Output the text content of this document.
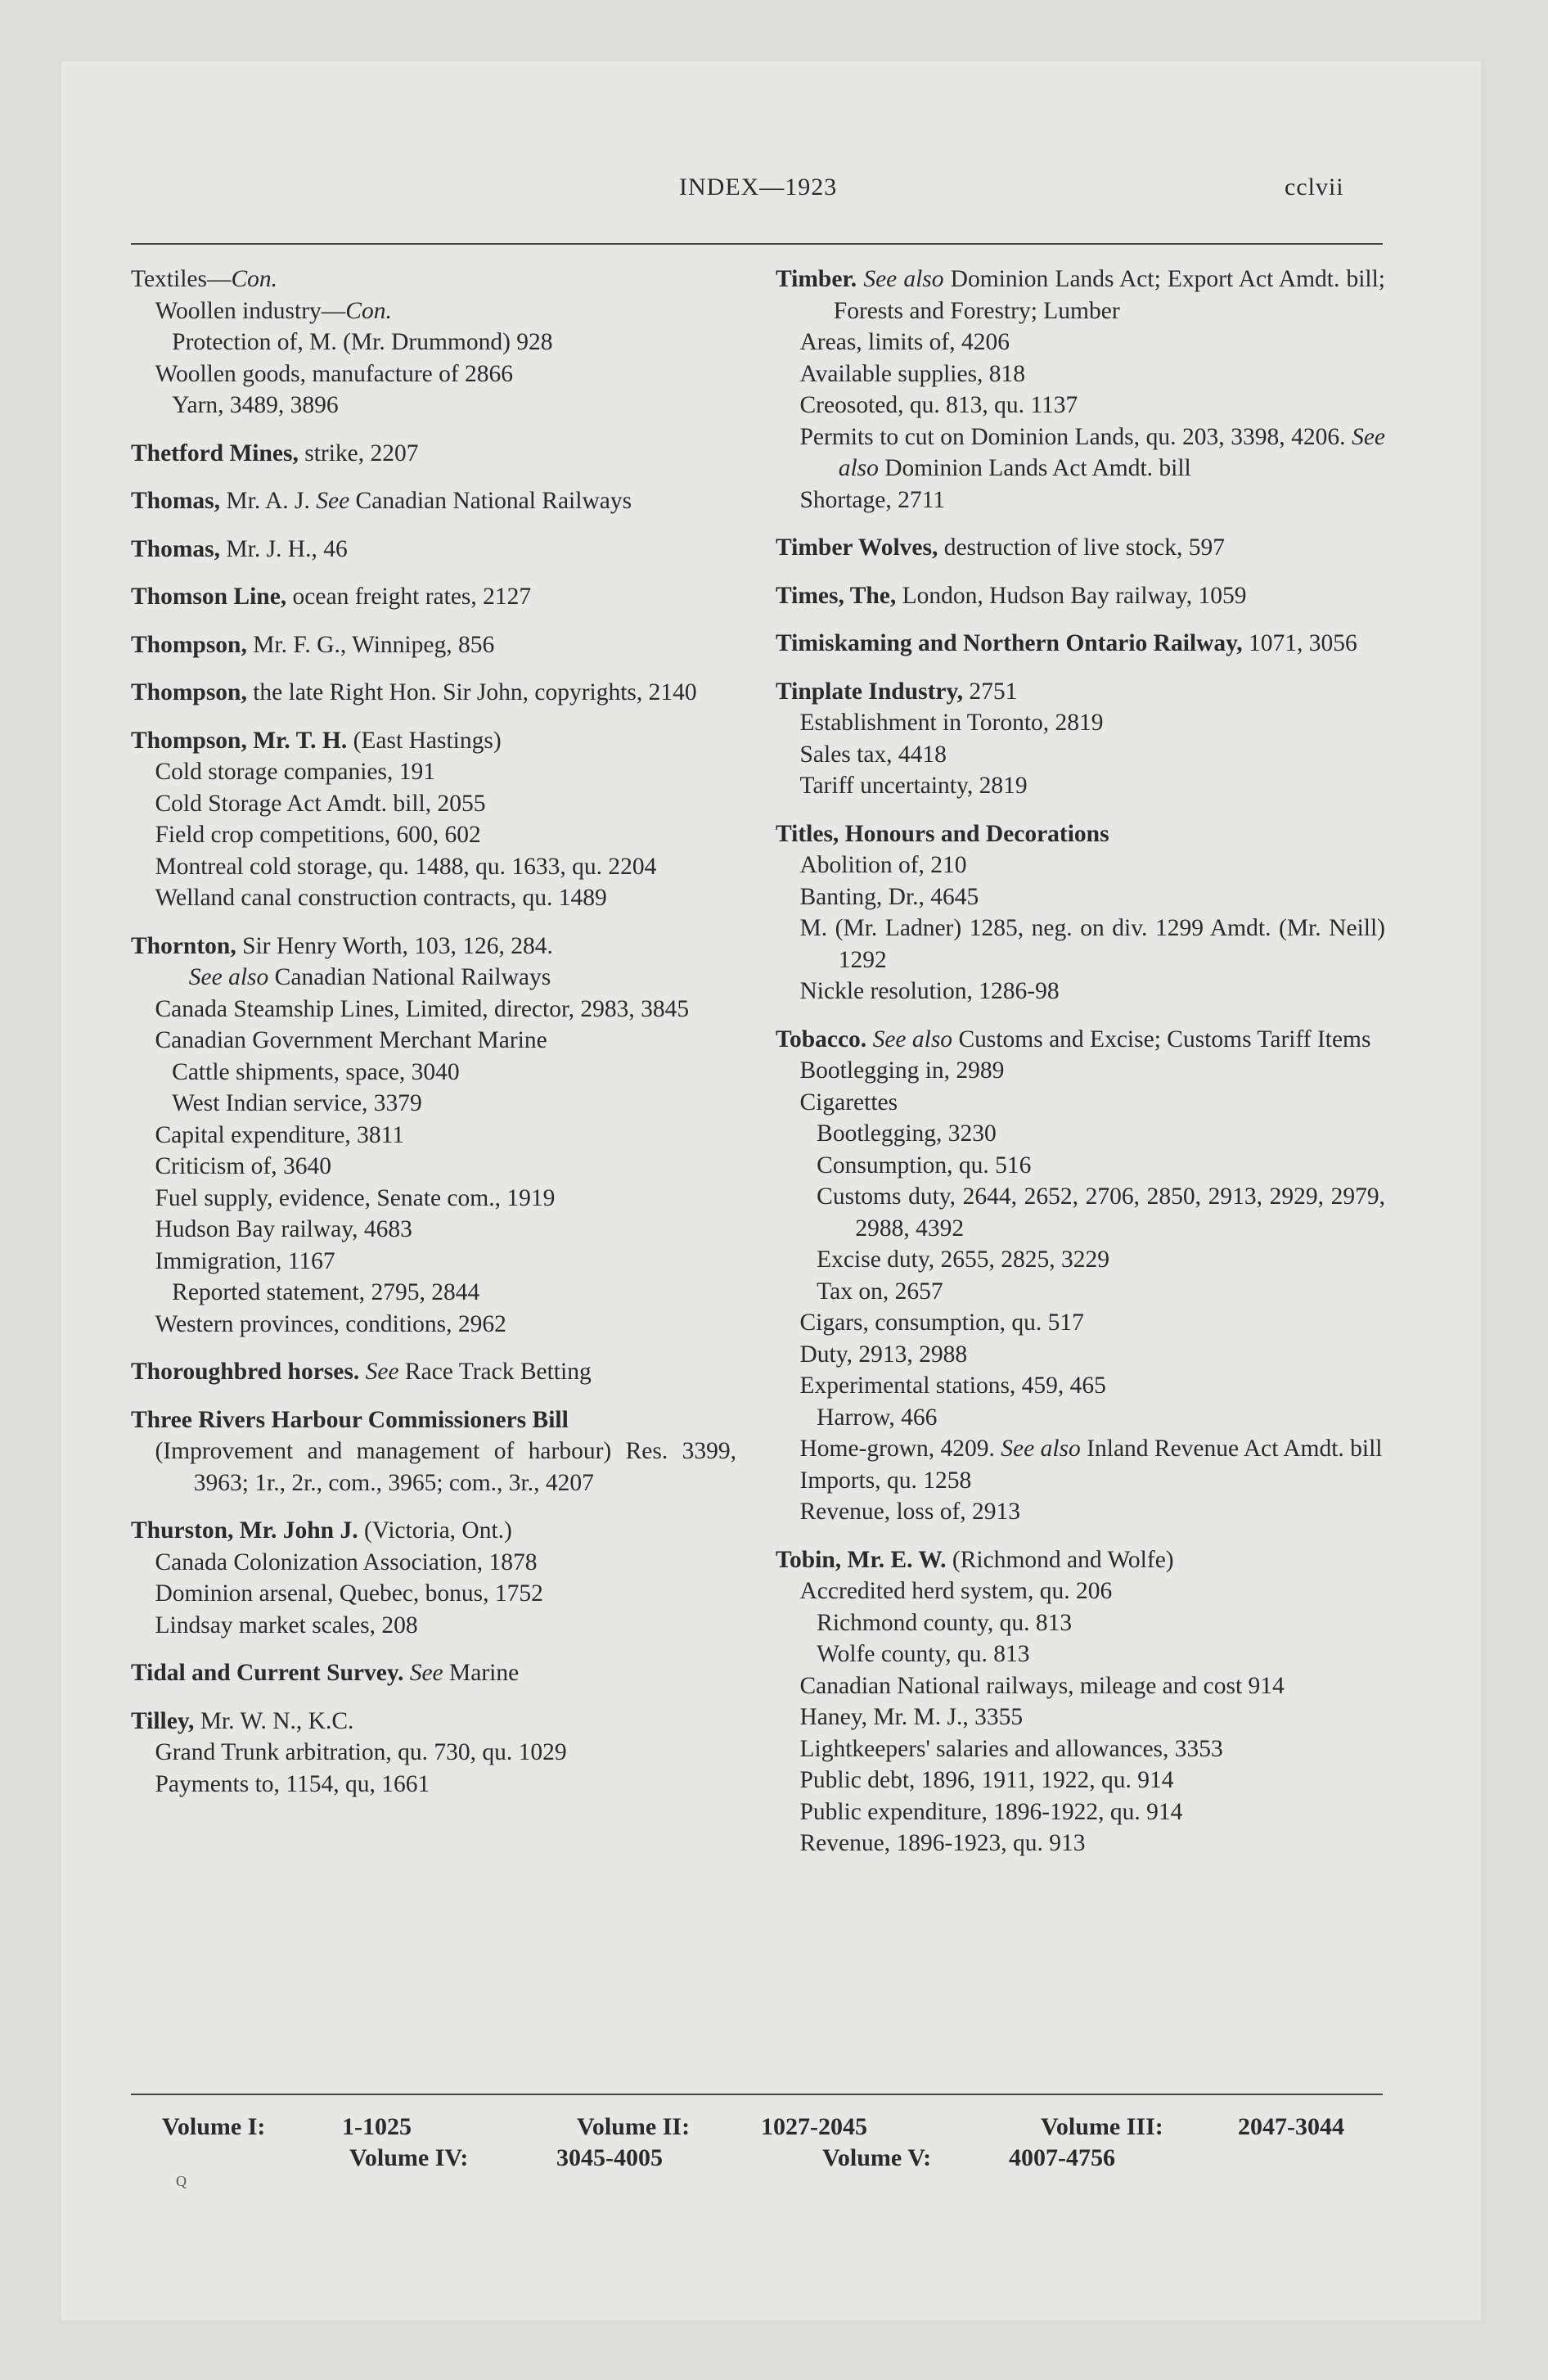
INDEX—1923	cclvii
Textiles—Con.
Woollen industry—Con.
Protection of, M. (Mr. Drummond) 928
Woollen goods, manufacture of 2866
Yarn, 3489, 3896
Thetford Mines, strike, 2207
Thomas, Mr. A. J. See Canadian National Railways
Thomas, Mr. J. H., 46
Thomson Line, ocean freight rates, 2127
Thompson, Mr. F. G., Winnipeg, 856
Thompson, the late Right Hon. Sir John, copyrights, 2140
Thompson, Mr. T. H. (East Hastings)
Cold storage companies, 191
Cold Storage Act Amdt. bill, 2055
Field crop competitions, 600, 602
Montreal cold storage, qu. 1488, qu. 1633, qu. 2204
Welland canal construction contracts, qu. 1489
Thornton, Sir Henry Worth, 103, 126, 284.
See also Canadian National Railways
Canada Steamship Lines, Limited, director, 2983, 3845
Canadian Government Merchant Marine
Cattle shipments, space, 3040
West Indian service, 3379
Capital expenditure, 3811
Criticism of, 3640
Fuel supply, evidence, Senate com., 1919
Hudson Bay railway, 4683
Immigration, 1167
Reported statement, 2795, 2844
Western provinces, conditions, 2962
Thoroughbred horses. See Race Track Betting
Three Rivers Harbour Commissioners Bill
(Improvement and management of harbour) Res. 3399, 3963; 1r., 2r., com., 3965; com., 3r., 4207
Thurston, Mr. John J. (Victoria, Ont.)
Canada Colonization Association, 1878
Dominion arsenal, Quebec, bonus, 1752
Lindsay market scales, 208
Tidal and Current Survey. See Marine
Tilley, Mr. W. N., K.C.
Grand Trunk arbitration, qu. 730, qu. 1029
Payments to, 1154, qu, 1661
Timber. See also Dominion Lands Act; Export Act Amdt. bill; Forests and Forestry; Lumber
Areas, limits of, 4206
Available supplies, 818
Creosoted, qu. 813, qu. 1137
Permits to cut on Dominion Lands, qu. 203, 3398, 4206. See also Dominion Lands Act Amdt. bill
Shortage, 2711
Timber Wolves, destruction of live stock, 597
Times, The, London, Hudson Bay railway, 1059
Timiskaming and Northern Ontario Railway, 1071, 3056
Tinplate Industry, 2751
Establishment in Toronto, 2819
Sales tax, 4418
Tariff uncertainty, 2819
Titles, Honours and Decorations
Abolition of, 210
Banting, Dr., 4645
M. (Mr. Ladner) 1285, neg. on div. 1299 Amdt. (Mr. Neill) 1292
Nickle resolution, 1286-98
Tobacco. See also Customs and Excise; Customs Tariff Items
Bootlegging in, 2989
Cigarettes
Bootlegging, 3230
Consumption, qu. 516
Customs duty, 2644, 2652, 2706, 2850, 2913, 2929, 2979, 2988, 4392
Excise duty, 2655, 2825, 3229
Tax on, 2657
Cigars, consumption, qu. 517
Duty, 2913, 2988
Experimental stations, 459, 465
Harrow, 466
Home-grown, 4209. See also Inland Revenue Act Amdt. bill
Imports, qu. 1258
Revenue, loss of, 2913
Tobin, Mr. E. W. (Richmond and Wolfe)
Accredited herd system, qu. 206
Richmond county, qu. 813
Wolfe county, qu. 813
Canadian National railways, mileage and cost 914
Haney, Mr. M. J., 3355
Lightkeepers' salaries and allowances, 3353
Public debt, 1896, 1911, 1922, qu. 914
Public expenditure, 1896-1922, qu. 914
Revenue, 1896-1923, qu. 913
Volume I:	1-1025	Volume II:	1027-2045	Volume III:	2047-3044
Volume IV:	3045-4005	Volume V:	4007-4756
Q
